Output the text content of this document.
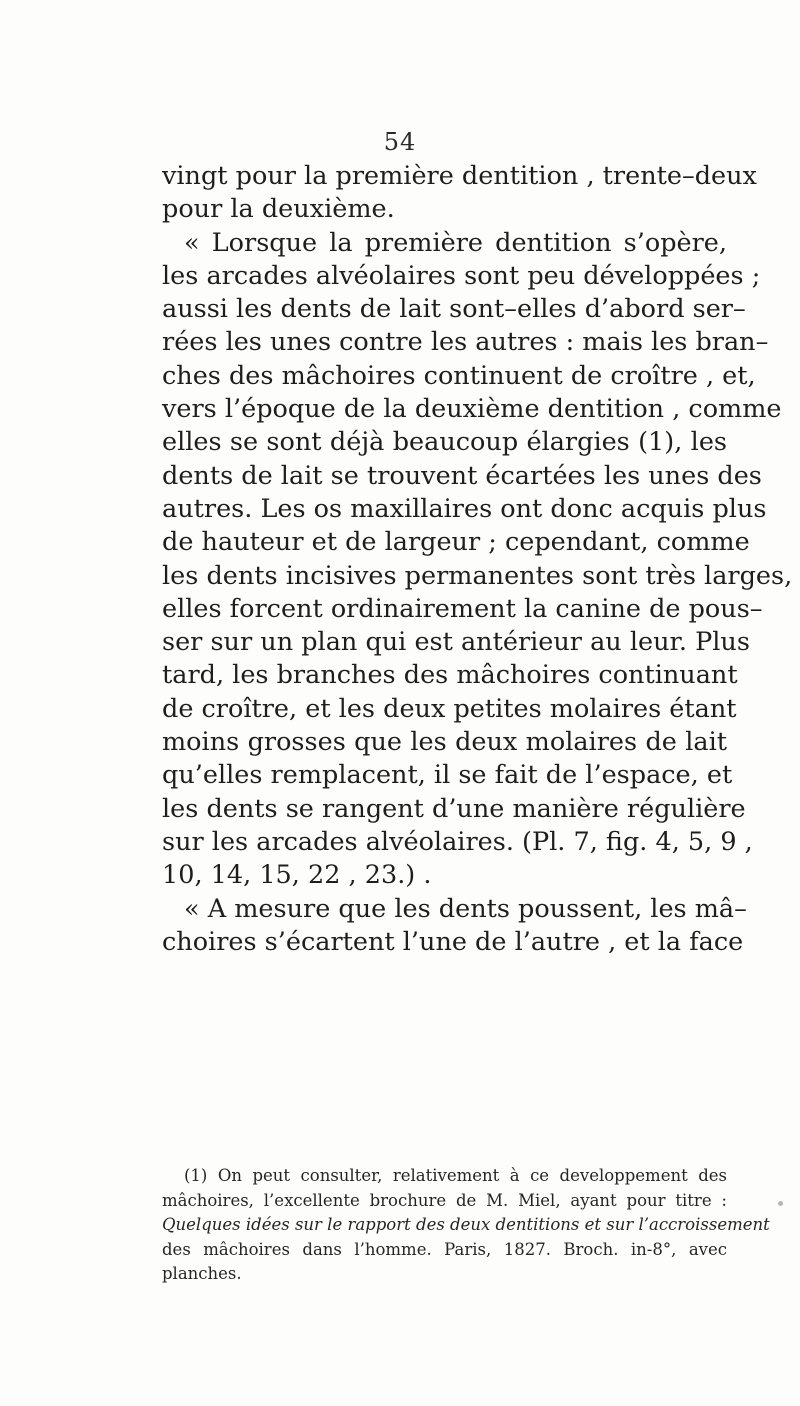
54
vingt pour la première dentition , trente–deux
pour la deuxième.
« Lorsque la première dentition s’opère,
les arcades alvéolaires sont peu développées ;
aussi les dents de lait sont–elles d’abord ser–
rées les unes contre les autres : mais les bran–
ches des mâchoires continuent de croître , et,
vers l’époque de la deuxième dentition , comme
elles se sont déjà beaucoup élargies (1), les
dents de lait se trouvent écartées les unes des
autres. Les os maxillaires ont donc acquis plus
de hauteur et de largeur ; cependant, comme
les dents incisives permanentes sont très larges,
elles forcent ordinairement la canine de pous–
ser sur un plan qui est antérieur au leur. Plus
tard, les branches des mâchoires continuant
de croître, et les deux petites molaires étant
moins grosses que les deux molaires de lait
qu’elles remplacent, il se fait de l’espace, et
les dents se rangent d’une manière régulière
sur les arcades alvéolaires. (Pl. 7, fig. 4, 5, 9 ,
10, 14, 15, 22 , 23.) .
« A mesure que les dents poussent, les mâ–
choires s’écartent l’une de l’autre , et la face
(1) On peut consulter, relativement à ce developpement des
mâchoires, l’excellente brochure de M. Miel, ayant pour titre :
Quelques idées sur le rapport des deux dentitions et sur l’accroissement
des mâchoires dans l’homme. Paris, 1827. Broch. in-8°, avec
planches.
